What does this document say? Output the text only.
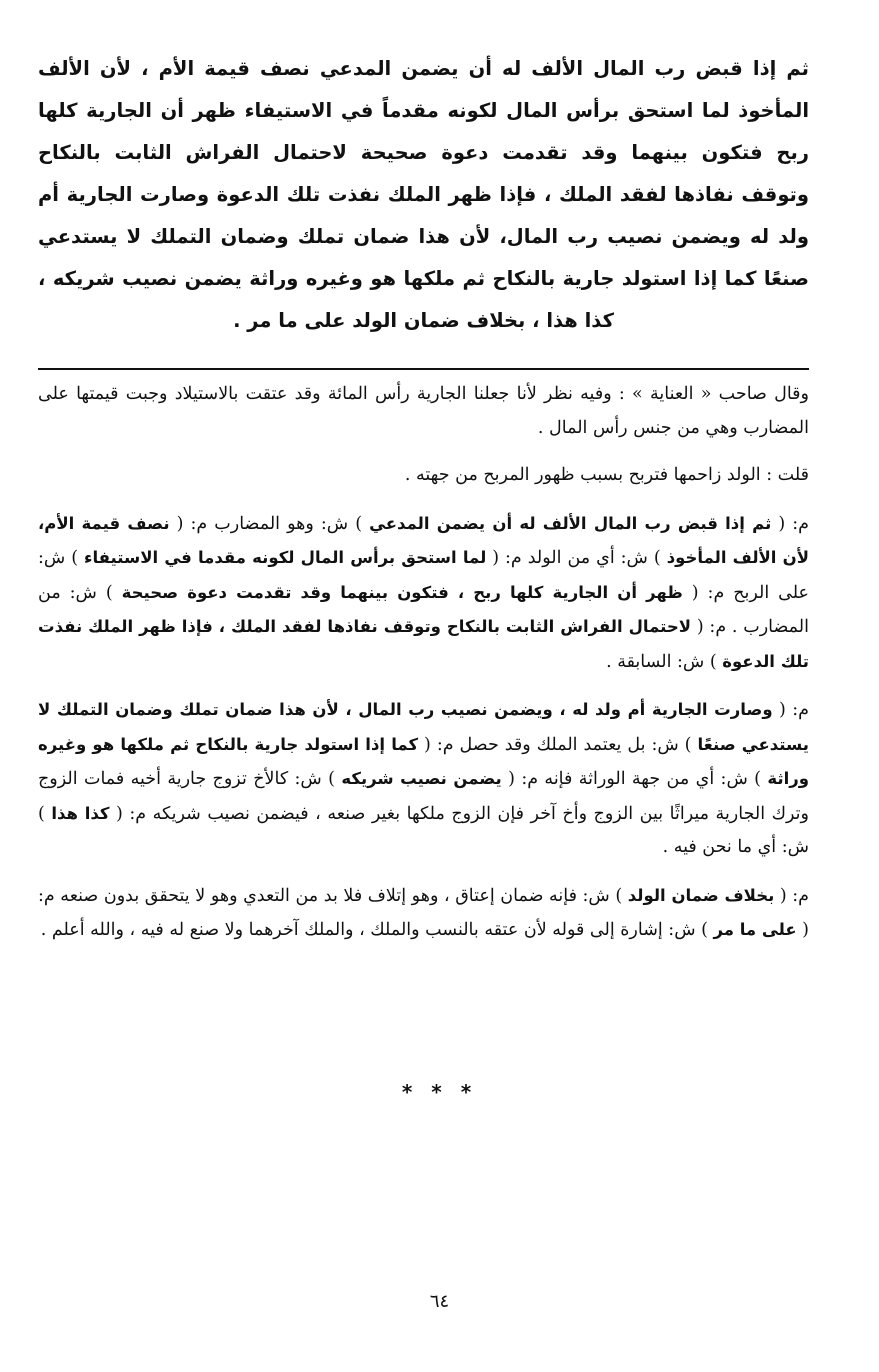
ثم إذا قبض رب المال الألف له أن يضمن المدعي نصف قيمة الأم ، لأن الألف المأخوذ لما استحق برأس المال لكونه مقدماً في الاستيفاء ظهر أن الجارية كلها ربح فتكون بينهما وقد تقدمت دعوة صحيحة لاحتمال الفراش الثابت بالنكاح وتوقف نفاذها لفقد الملك ، فإذا ظهر الملك نفذت تلك الدعوة وصارت الجارية أم ولد له ويضمن نصيب رب المال، لأن هذا ضمان تملك وضمان التملك لا يستدعي صنعًا كما إذا استولد جارية بالنكاح ثم ملكها هو وغيره وراثة يضمن نصيب شريكه ، كذا هذا ، بخلاف ضمان الولد على ما مر .

وقال صاحب « العناية » : وفيه نظر لأنا جعلنا الجارية رأس المائة وقد عتقت بالاستيلاد وجبت قيمتها على المضارب وهي من جنس رأس المال .

قلت : الولد زاحمها فتربح بسبب ظهور المربح من جهته .

م: ( ثم إذا قبض رب المال الألف له أن يضمن المدعي ) ش: وهو المضارب م: ( نصف قيمة الأم، لأن الألف المأخوذ ) ش: أي من الولد م: ( لما استحق برأس المال لكونه مقدما في الاستيفاء ) ش: على الربح م: ( ظهر أن الجارية كلها ربح ، فتكون بينهما وقد تقدمت دعوة صحيحة ) ش: من المضارب . م: ( لاحتمال الفراش الثابت بالنكاح وتوقف نفاذها لفقد الملك ، فإذا ظهر الملك نفذت تلك الدعوة ) ش: السابقة .

م: ( وصارت الجارية أم ولد له ، ويضمن نصيب رب المال ، لأن هذا ضمان تملك وضمان التملك لا يستدعي صنعًا ) ش: بل يعتمد الملك وقد حصل م: ( كما إذا استولد جارية بالنكاح ثم ملكها هو وغيره وراثة ) ش: أي من جهة الوراثة فإنه م: ( يضمن نصيب شريكه ) ش: كالأخ تزوج جارية أخيه فمات الزوج وترك الجارية ميراثًا بين الزوج وأخ آخر فإن الزوج ملكها بغير صنعه ، فيضمن نصيب شريكه م: ( كذا هذا ) ش: أي ما نحن فيه .

م: ( بخلاف ضمان الولد ) ش: فإنه ضمان إعتاق ، وهو إتلاف فلا بد من التعدي وهو لا يتحقق بدون صنعه م: ( على ما مر ) ش: إشارة إلى قوله لأن عتقه بالنسب والملك ، والملك آخرهما ولا صنع له فيه ، والله أعلم .

* * *
٦٤
